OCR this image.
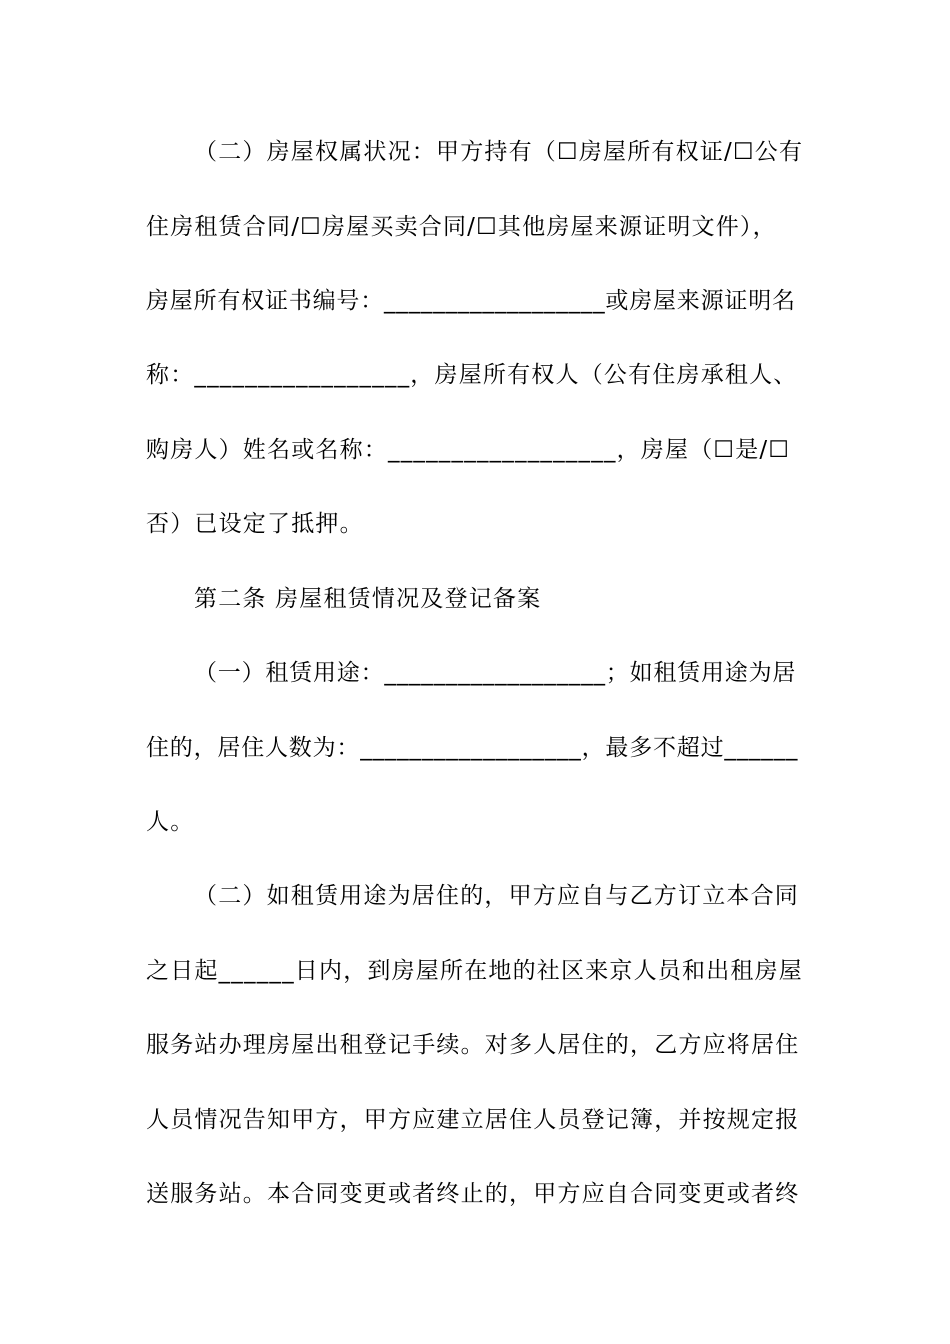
（二）房屋权属状况：甲方持有（☐房屋所有权证/☐公有
住房租赁合同/☐房屋买卖合同/☐其他房屋来源证明文件），
房屋所有权证书编号：__________________或房屋来源证明名
称：_________________，房屋所有权人（公有住房承租人、
购房人）姓名或名称：__________________，房屋（☐是/☐
否）已设定了抵押。
第二条 房屋租赁情况及登记备案
（一）租赁用途：__________________；如租赁用途为居
住的，居住人数为：__________________，最多不超过______
人。
（二）如租赁用途为居住的，甲方应自与乙方订立本合同
之日起______日内，到房屋所在地的社区来京人员和出租房屋
服务站办理房屋出租登记手续。对多人居住的，乙方应将居住
人员情况告知甲方，甲方应建立居住人员登记簿，并按规定报
送服务站。本合同变更或者终止的，甲方应自合同变更或者终
